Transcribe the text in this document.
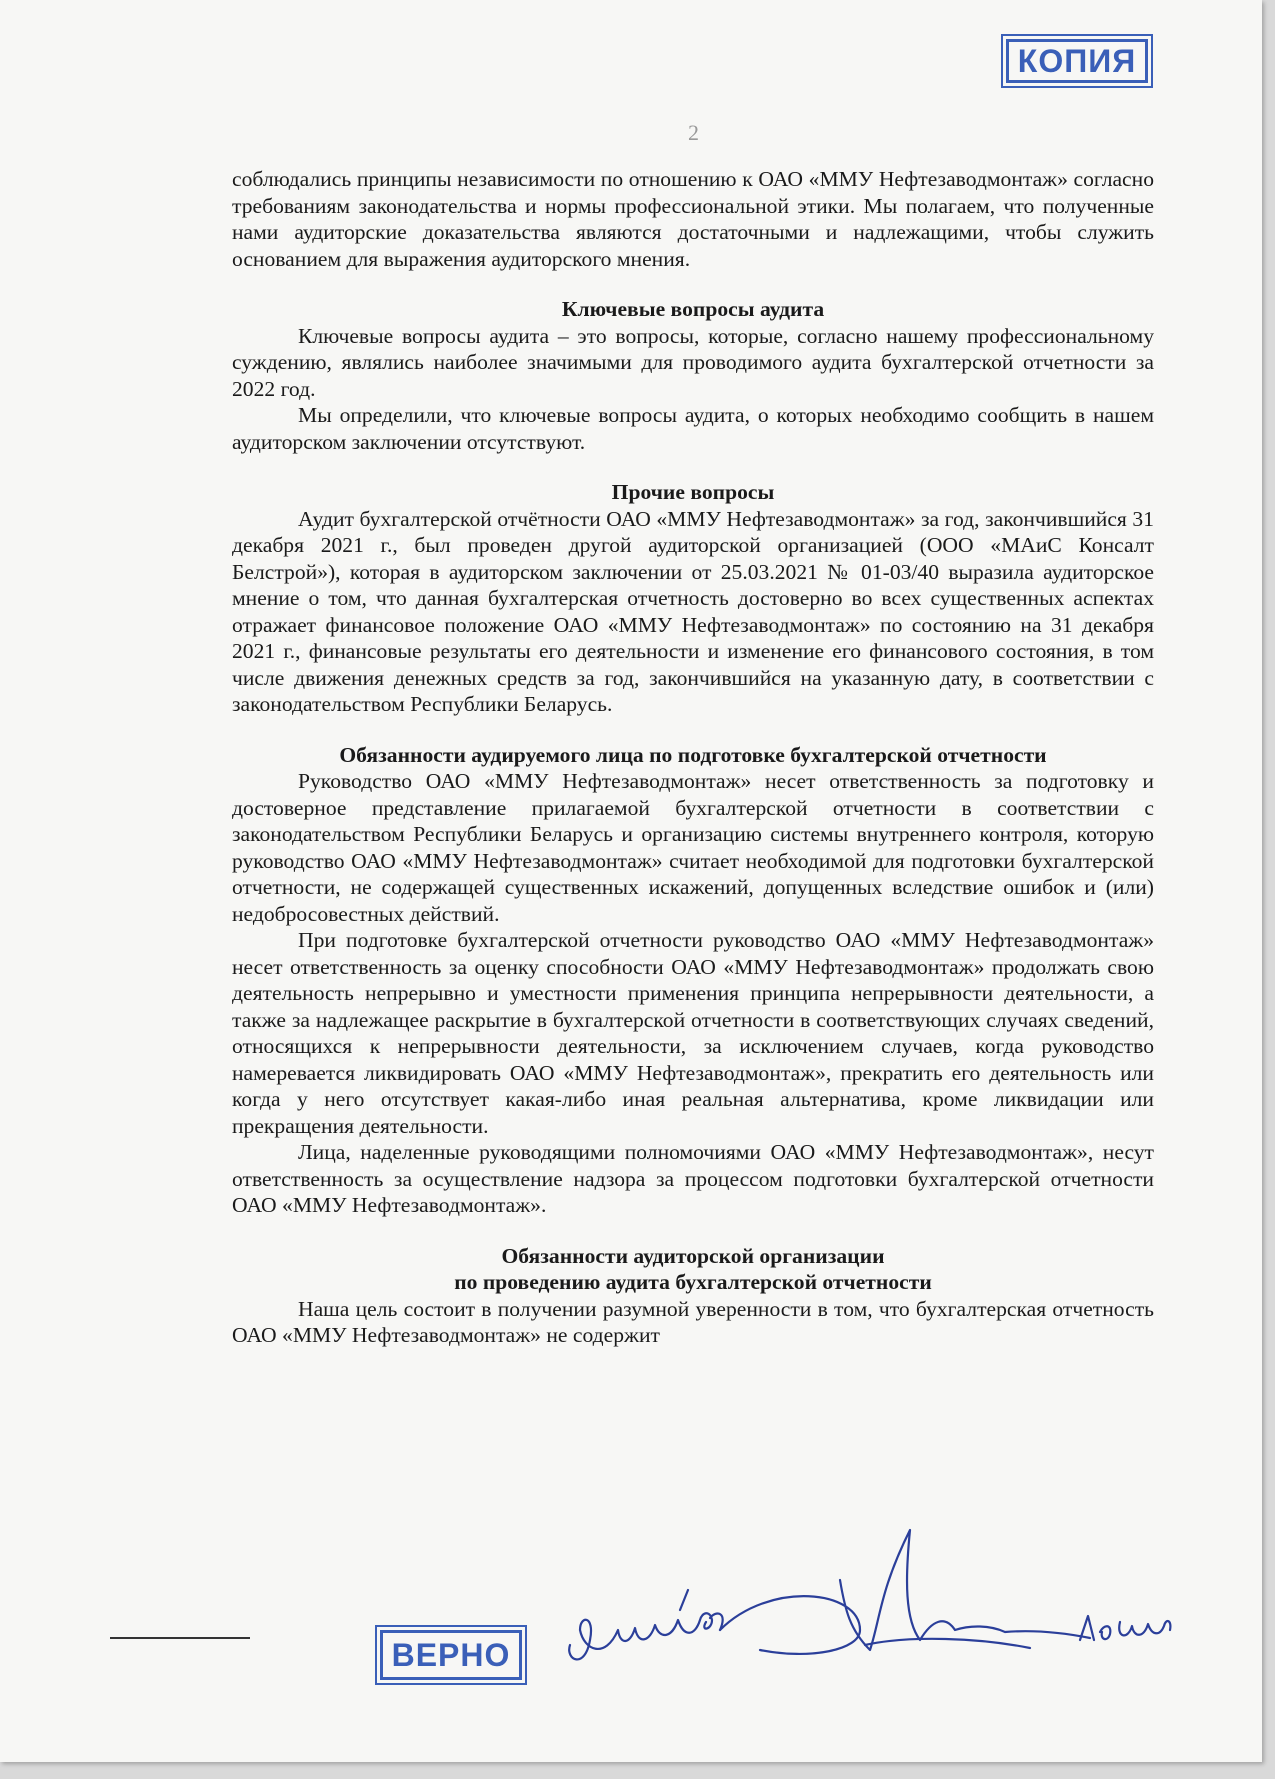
КОПИЯ
2

соблюдались принципы независимости по отношению к ОАО «ММУ Нефтезаводмонтаж» согласно требованиям законодательства и нормы профессиональной этики. Мы полагаем, что полученные нами аудиторские доказательства являются достаточными и надлежащими, чтобы служить основанием для выражения аудиторского мнения.

Ключевые вопросы аудита

Ключевые вопросы аудита – это вопросы, которые, согласно нашему профессиональному суждению, являлись наиболее значимыми для проводимого аудита бухгалтерской отчетности за 2022 год.

Мы определили, что ключевые вопросы аудита, о которых необходимо сообщить в нашем аудиторском заключении отсутствуют.

Прочие вопросы

Аудит бухгалтерской отчётности ОАО «ММУ Нефтезаводмонтаж» за год, закончившийся 31 декабря 2021 г., был проведен другой аудиторской организацией (ООО «МАиС Консалт Белстрой»), которая в аудиторском заключении от 25.03.2021 № 01-03/40 выразила аудиторское мнение о том, что данная бухгалтерская отчетность достоверно во всех существенных аспектах отражает финансовое положение ОАО «ММУ Нефтезаводмонтаж» по состоянию на 31 декабря 2021 г., финансовые результаты его деятельности и изменение его финансового состояния, в том числе движения денежных средств за год, закончившийся на указанную дату, в соответствии с законодательством Республики Беларусь.

Обязанности аудируемого лица по подготовке бухгалтерской отчетности

Руководство ОАО «ММУ Нефтезаводмонтаж» несет ответственность за подготовку и достоверное представление прилагаемой бухгалтерской отчетности в соответствии с законодательством Республики Беларусь и организацию системы внутреннего контроля, которую руководство ОАО «ММУ Нефтезаводмонтаж» считает необходимой для подготовки бухгалтерской отчетности, не содержащей существенных искажений, допущенных вследствие ошибок и (или) недобросовестных действий.

При подготовке бухгалтерской отчетности руководство ОАО «ММУ Нефтезаводмонтаж» несет ответственность за оценку способности ОАО «ММУ Нефтезаводмонтаж» продолжать свою деятельность непрерывно и уместности применения принципа непрерывности деятельности, а также за надлежащее раскрытие в бухгалтерской отчетности в соответствующих случаях сведений, относящихся к непрерывности деятельности, за исключением случаев, когда руководство намеревается ликвидировать ОАО «ММУ Нефтезаводмонтаж», прекратить его деятельность или когда у него отсутствует какая-либо иная реальная альтернатива, кроме ликвидации или прекращения деятельности.

Лица, наделенные руководящими полномочиями ОАО «ММУ Нефтезаводмонтаж», несут ответственность за осуществление надзора за процессом подготовки бухгалтерской отчетности ОАО «ММУ Нефтезаводмонтаж».

Обязанности аудиторской организации
по проведению аудита бухгалтерской отчетности

Наша цель состоит в получении разумной уверенности в том, что бухгалтерская отчетность ОАО «ММУ Нефтезаводмонтаж» не содержит

ВЕРНО
